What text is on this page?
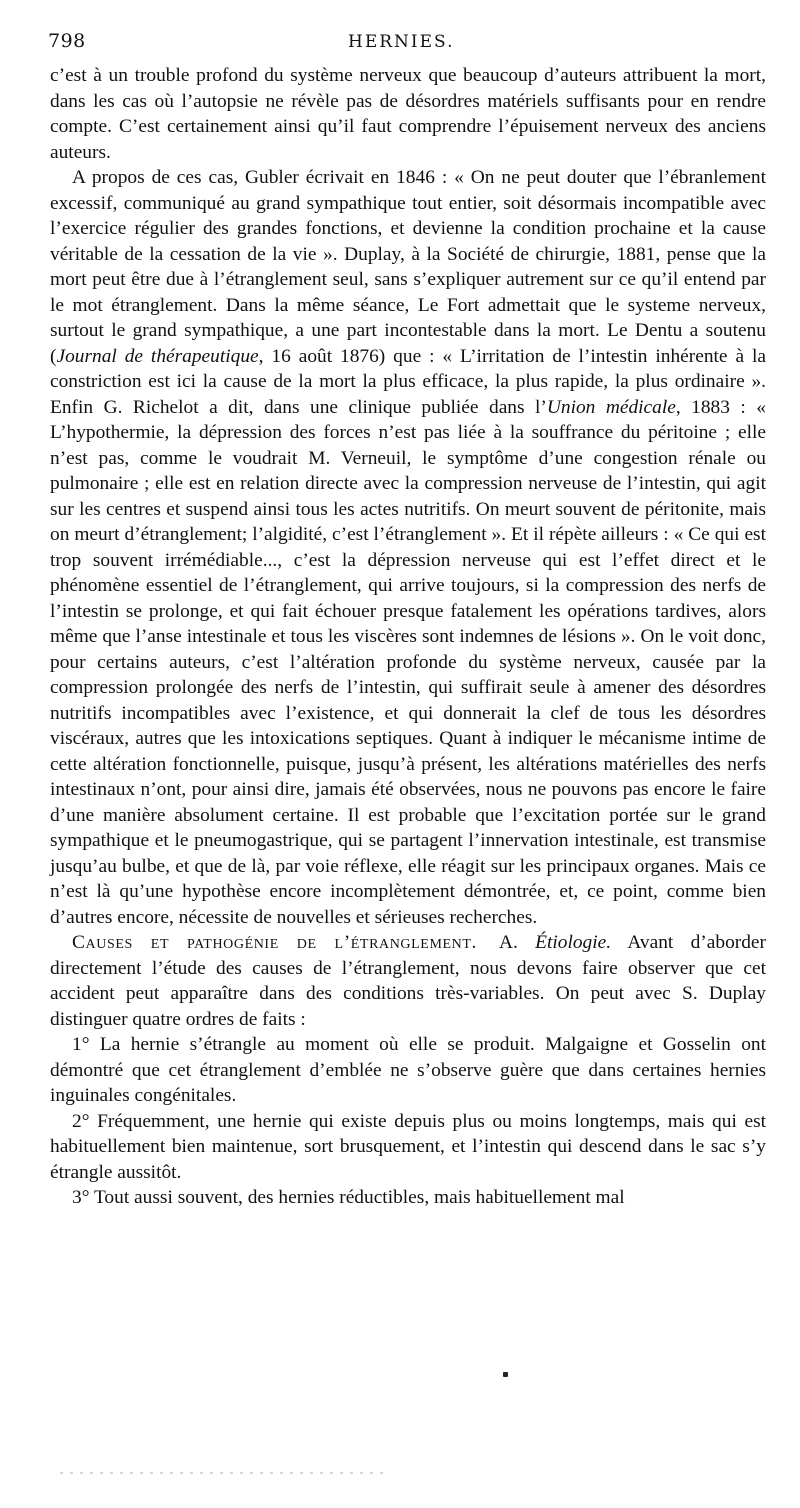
798	HERNIES.

c’est à un trouble profond du système nerveux que beaucoup d’auteurs attribuent la mort, dans les cas où l’autopsie ne révèle pas de désordres matériels suffisants pour en rendre compte. C’est certainement ainsi qu’il faut comprendre l’épuisement nerveux des anciens auteurs.

A propos de ces cas, Gubler écrivait en 1846 : « On ne peut douter que l’ébranlement excessif, communiqué au grand sympathique tout entier, soit désormais incompatible avec l’exercice régulier des grandes fonctions, et devienne la condition prochaine et la cause véritable de la cessation de la vie ». Duplay, à la Société de chirurgie, 1881, pense que la mort peut être due à l’étranglement seul, sans s’expliquer autrement sur ce qu’il entend par le mot étranglement. Dans la même séance, Le Fort admettait que le systeme nerveux, surtout le grand sympathique, a une part incontestable dans la mort. Le Dentu a soutenu (Journal de thérapeutique, 16 août 1876) que : « L’irritation de l’intestin inhérente à la constriction est ici la cause de la mort la plus efficace, la plus rapide, la plus ordinaire ». Enfin G. Richelot a dit, dans une clinique publiée dans l’Union médicale, 1883 : « L’hypothermie, la dépression des forces n’est pas liée à la souffrance du péritoine ; elle n’est pas, comme le voudrait M. Verneuil, le symptôme d’une congestion rénale ou pulmonaire ; elle est en relation directe avec la compression nerveuse de l’intestin, qui agit sur les centres et suspend ainsi tous les actes nutritifs. On meurt souvent de péritonite, mais on meurt d’étranglement; l’algidité, c’est l’étranglement ». Et il répète ailleurs : « Ce qui est trop souvent irrémédiable..., c’est la dépression nerveuse qui est l’effet direct et le phénomène essentiel de l’étranglement, qui arrive toujours, si la compression des nerfs de l’intestin se prolonge, et qui fait échouer presque fatalement les opérations tardives, alors même que l’anse intestinale et tous les viscères sont indemnes de lésions ». On le voit donc, pour certains auteurs, c’est l’altération profonde du système nerveux, causée par la compression prolongée des nerfs de l’intestin, qui suffirait seule à amener des désordres nutritifs incompatibles avec l’existence, et qui donnerait la clef de tous les désordres viscéraux, autres que les intoxications septiques. Quant à indiquer le mécanisme intime de cette altération fonctionnelle, puisque, jusqu’à présent, les altérations matérielles des nerfs intestinaux n’ont, pour ainsi dire, jamais été observées, nous ne pouvons pas encore le faire d’une manière absolument certaine. Il est probable que l’excitation portée sur le grand sympathique et le pneumogastrique, qui se partagent l’innervation intestinale, est transmise jusqu’au bulbe, et que de là, par voie réflexe, elle réagit sur les principaux organes. Mais ce n’est là qu’une hypothèse encore incomplètement démontrée, et, ce point, comme bien d’autres encore, nécessite de nouvelles et sérieuses recherches.

Causes et pathogénie de l’étranglement. A. Étiologie. Avant d’aborder directement l’étude des causes de l’étranglement, nous devons faire observer que cet accident peut apparaître dans des conditions très-variables. On peut avec S. Duplay distinguer quatre ordres de faits :

1° La hernie s’étrangle au moment où elle se produit. Malgaigne et Gosselin ont démontré que cet étranglement d’emblée ne s’observe guère que dans certaines hernies inguinales congénitales.

2° Fréquemment, une hernie qui existe depuis plus ou moins longtemps, mais qui est habituellement bien maintenue, sort brusquement, et l’intestin qui descend dans le sac s’y étrangle aussitôt.

3° Tout aussi souvent, des hernies réductibles, mais habituellement mal
